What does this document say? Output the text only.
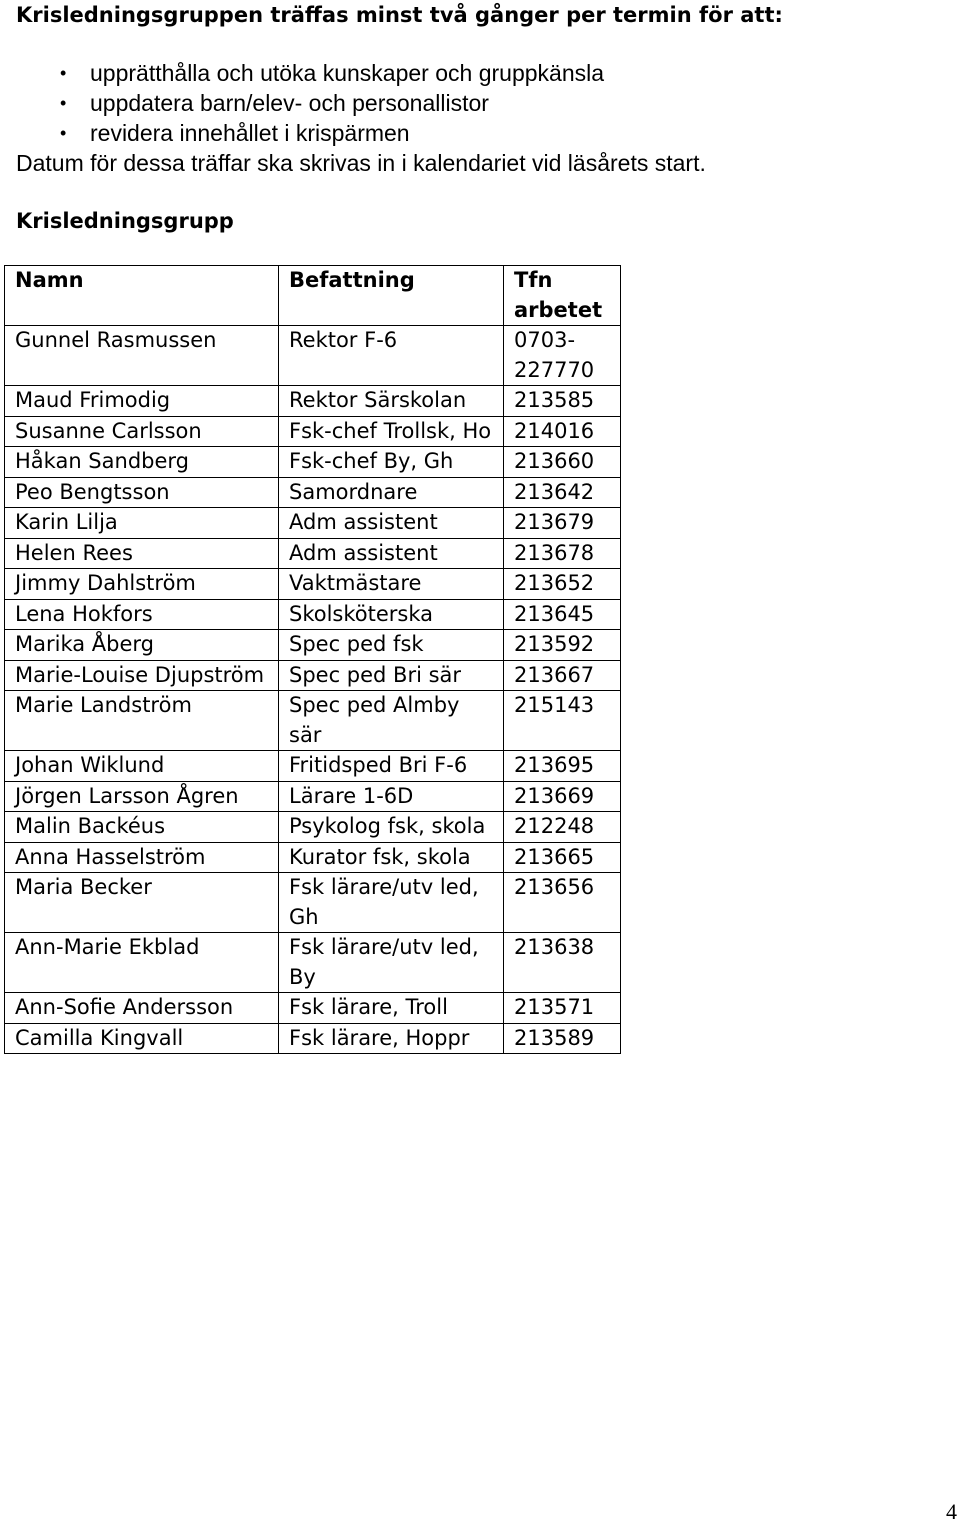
Krisledningsgruppen träffas minst två gånger per termin för att:
• upprätthålla och utöka kunskaper och gruppkänsla
• uppdatera barn/elev- och personallistor
• revidera innehållet i krispärmen
Datum för dessa träffar ska skrivas in i kalendariet vid läsårets start.
Krisledningsgrupp
Namn	Befattning	Tfn arbetet
Gunnel Rasmussen	Rektor F-6	0703-227770
Maud Frimodig	Rektor Särskolan	213585
Susanne Carlsson	Fsk-chef Trollsk, Ho	214016
Håkan Sandberg	Fsk-chef By, Gh	213660
Peo Bengtsson	Samordnare	213642
Karin Lilja	Adm assistent	213679
Helen Rees	Adm assistent	213678
Jimmy Dahlström	Vaktmästare	213652
Lena Hokfors	Skolsköterska	213645
Marika Åberg	Spec ped fsk	213592
Marie-Louise Djupström	Spec ped Bri sär	213667
Marie Landström	Spec ped Almby sär	215143
Johan Wiklund	Fritidsped Bri F-6	213695
Jörgen Larsson Ågren	Lärare 1-6D	213669
Malin Backéus	Psykolog fsk, skola	212248
Anna Hasselström	Kurator fsk, skola	213665
Maria Becker	Fsk lärare/utv led, Gh	213656
Ann-Marie Ekblad	Fsk lärare/utv led, By	213638
Ann-Sofie Andersson	Fsk lärare, Troll	213571
Camilla Kingvall	Fsk lärare, Hoppr	213589
4
